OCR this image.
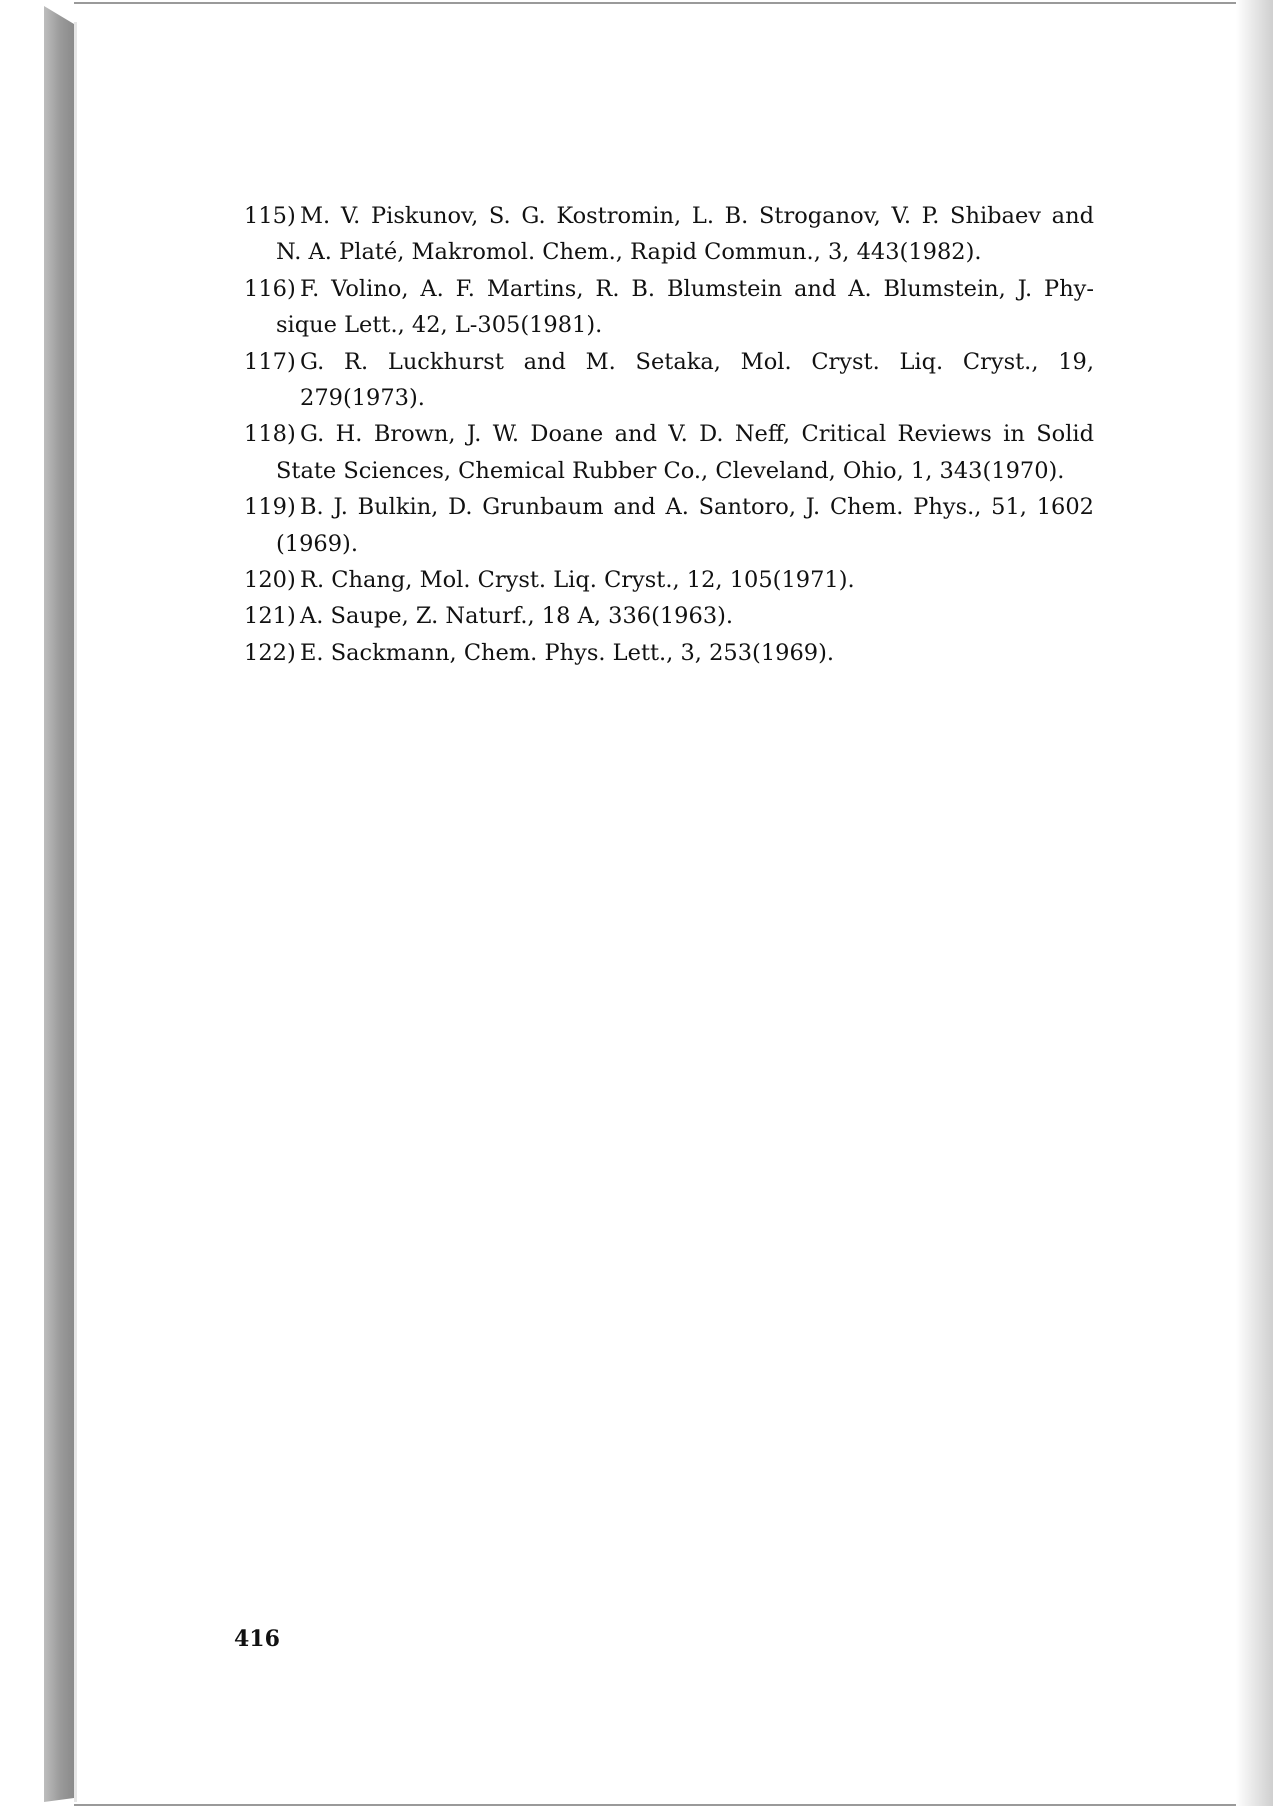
115) M. V. Piskunov, S. G. Kostromin, L. B. Stroganov, V. P. Shibaev and
N. A. Platé, Makromol. Chem., Rapid Commun., 3, 443(1982).
116) F. Volino, A. F. Martins, R. B. Blumstein and A. Blumstein, J. Phy-
sique Lett., 42, L-305(1981).
117) G. R. Luckhurst and M. Setaka, Mol. Cryst. Liq. Cryst., 19, 279(1973).
118) G. H. Brown, J. W. Doane and V. D. Neff, Critical Reviews in Solid
State Sciences, Chemical Rubber Co., Cleveland, Ohio, 1, 343(1970).
119) B. J. Bulkin, D. Grunbaum and A. Santoro, J. Chem. Phys., 51, 1602
(1969).
120) R. Chang, Mol. Cryst. Liq. Cryst., 12, 105(1971).
121) A. Saupe, Z. Naturf., 18 A, 336(1963).
122) E. Sackmann, Chem. Phys. Lett., 3, 253(1969).
416
